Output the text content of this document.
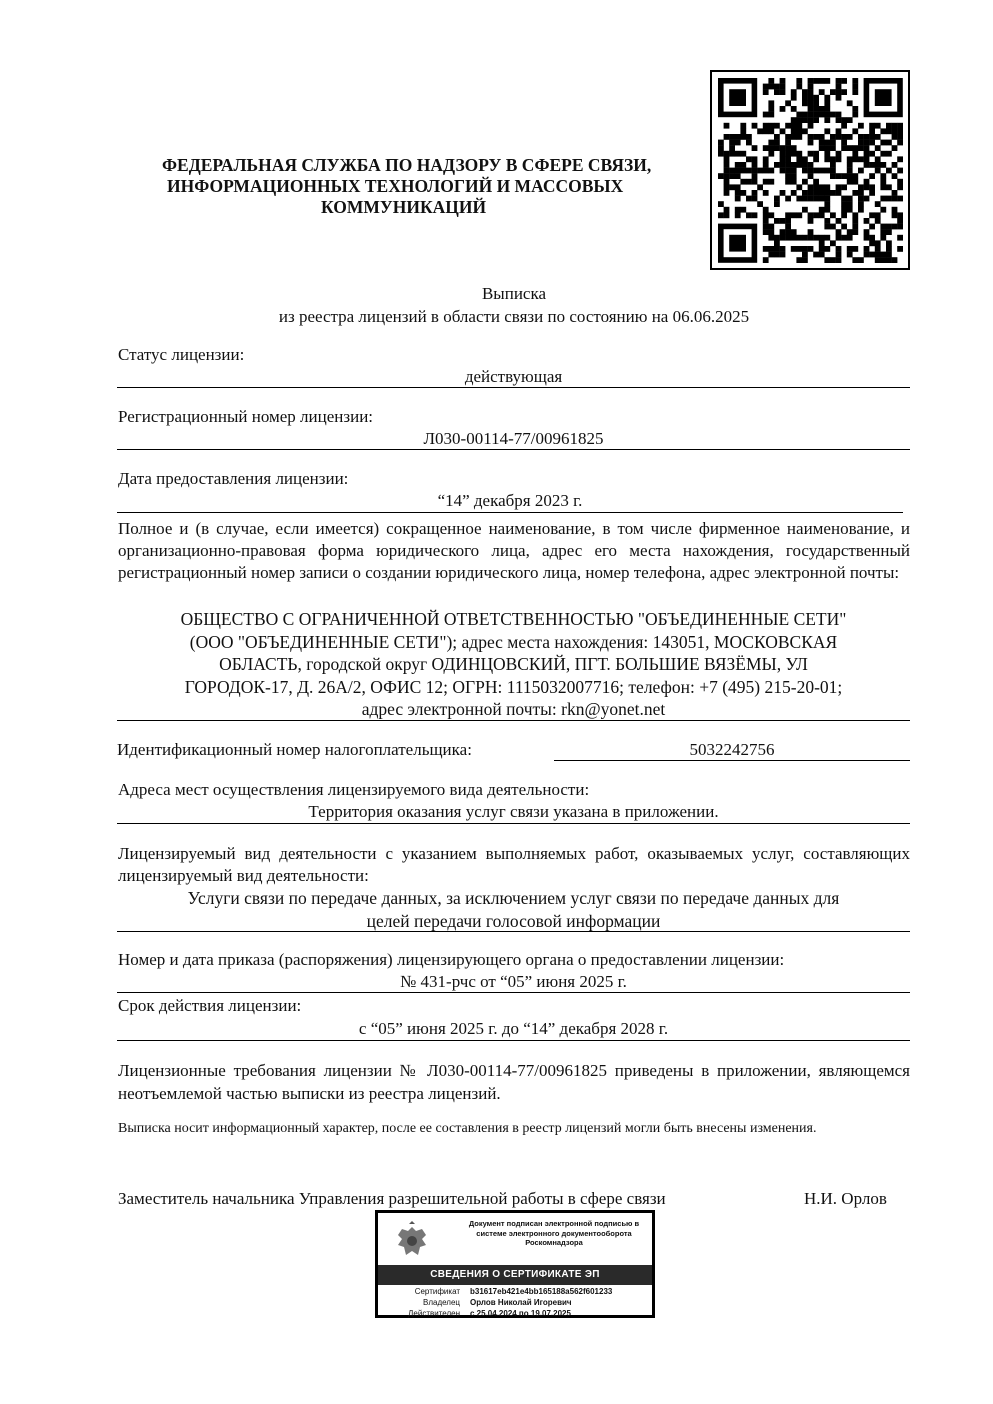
ФЕДЕРАЛЬНАЯ СЛУЖБА ПО НАДЗОРУ В СФЕРЕ СВЯЗИ,
ИНФОРМАЦИОННЫХ ТЕХНОЛОГИЙ И МАССОВЫХ
КОММУНИКАЦИЙ
Выписка
из реестра лицензий в области связи по состоянию на 06.06.2025
Статус лицензии:
действующая
Регистрационный номер лицензии:
Л030-00114-77/00961825
Дата предоставления лицензии:
“14” декабря 2023 г.
Полное и (в случае, если имеется) сокращенное наименование, в том числе фирменное наименование, и организационно-правовая форма юридического лица, адрес его места нахождения, государственный регистрационный номер записи о создании юридического лица, номер телефона, адрес электронной почты:
ОБЩЕСТВО С ОГРАНИЧЕННОЙ ОТВЕТСТВЕННОСТЬЮ "ОБЪЕДИНЕННЫЕ СЕТИ"
(ООО "ОБЪЕДИНЕННЫЕ СЕТИ"); адрес места нахождения: 143051, МОСКОВСКАЯ
ОБЛАСТЬ, городской округ ОДИНЦОВСКИЙ, ПГТ. БОЛЬШИЕ ВЯЗЁМЫ, УЛ
ГОРОДОК-17, Д. 26А/2, ОФИС 12; ОГРН: 1115032007716; телефон: +7 (495) 215-20-01;
адрес электронной почты: rkn@yonet.net
Идентификационный номер налогоплательщика:	5032242756
Адреса мест осуществления лицензируемого вида деятельности:
Территория оказания услуг связи указана в приложении.
Лицензируемый вид деятельности с указанием выполняемых работ, оказываемых услуг, составляющих лицензируемый вид деятельности:
Услуги связи по передаче данных, за исключением услуг связи по передаче данных для
целей передачи голосовой информации
Номер и дата приказа (распоряжения) лицензирующего органа о предоставлении лицензии:
№ 431-рчс от “05” июня 2025 г.
Срок действия лицензии:
с “05” июня 2025 г. до “14” декабря 2028 г.
Лицензионные требования лицензии № Л030-00114-77/00961825 приведены в приложении, являющемся неотъемлемой частью выписки из реестра лицензий.
Выписка носит информационный характер, после ее составления в реестр лицензий могли быть внесены изменения.
Заместитель начальника Управления разрешительной работы в сфере связи	Н.И. Орлов
Документ подписан электронной подписью в системе электронного документооборота Роскомнадзора
СВЕДЕНИЯ О СЕРТИФИКАТЕ ЭП
Сертификат b31617eb421e4bb165188a562f601233
Владелец Орлов Николай Игоревич
Действителен с 25.04.2024 по 19.07.2025
